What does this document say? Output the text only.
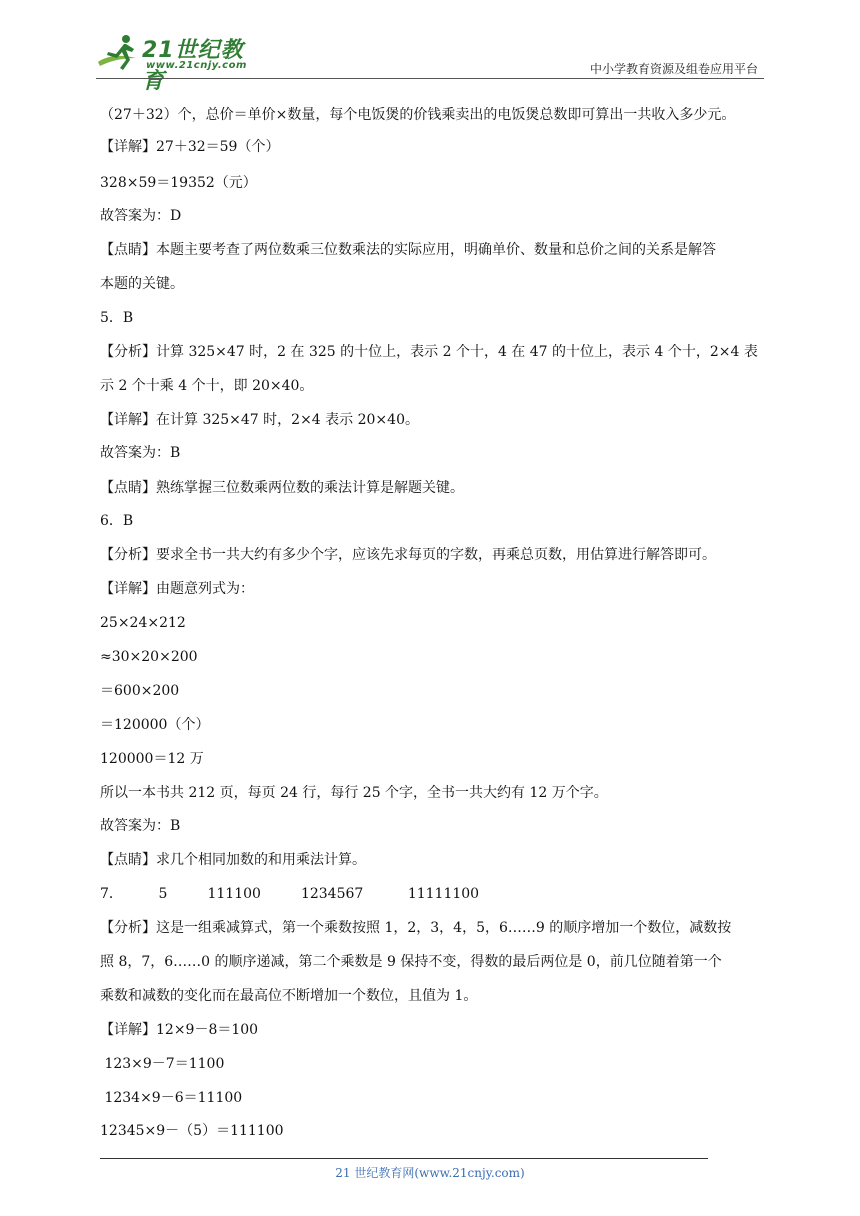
21世纪教育
www.21cnjy.com	中小学教育资源及组卷应用平台
（27＋32）个，总价＝单价×数量，每个电饭煲的价钱乘卖出的电饭煲总数即可算出一共收入多少元。
【详解】27＋32＝59（个）
328×59＝19352（元）
故答案为：D
【点睛】本题主要考查了两位数乘三位数乘法的实际应用，明确单价、数量和总价之间的关系是解答
本题的关键。
5．B
【分析】计算 325×47 时，2 在 325 的十位上，表示 2 个十，4 在 47 的十位上，表示 4 个十，2×4 表
示 2 个十乘 4 个十，即 20×40。
【详解】在计算 325×47 时，2×4 表示 20×40。
故答案为：B
【点睛】熟练掌握三位数乘两位数的乘法计算是解题关键。
6．B
【分析】要求全书一共大约有多少个字，应该先求每页的字数，再乘总页数，用估算进行解答即可。
【详解】由题意列式为：
25×24×212
≈30×20×200
＝600×200
＝120000（个）
120000＝12 万
所以一本书共 212 页，每页 24 行，每行 25 个字，全书一共大约有 12 万个字。
故答案为：B
【点睛】求几个相同加数的和用乘法计算。
7．        5         111100         1234567          11111100
【分析】这是一组乘减算式，第一个乘数按照 1，2，3，4，5，6……9 的顺序增加一个数位，减数按
照 8，7，6……0 的顺序递减，第二个乘数是 9 保持不变，得数的最后两位是 0，前几位随着第一个
乘数和减数的变化而在最高位不断增加一个数位，且值为 1。
【详解】12×9－8＝100
123×9－7＝1100
1234×9－6＝11100
12345×9－（5）＝111100
21 世纪教育网(www.21cnjy.com)
